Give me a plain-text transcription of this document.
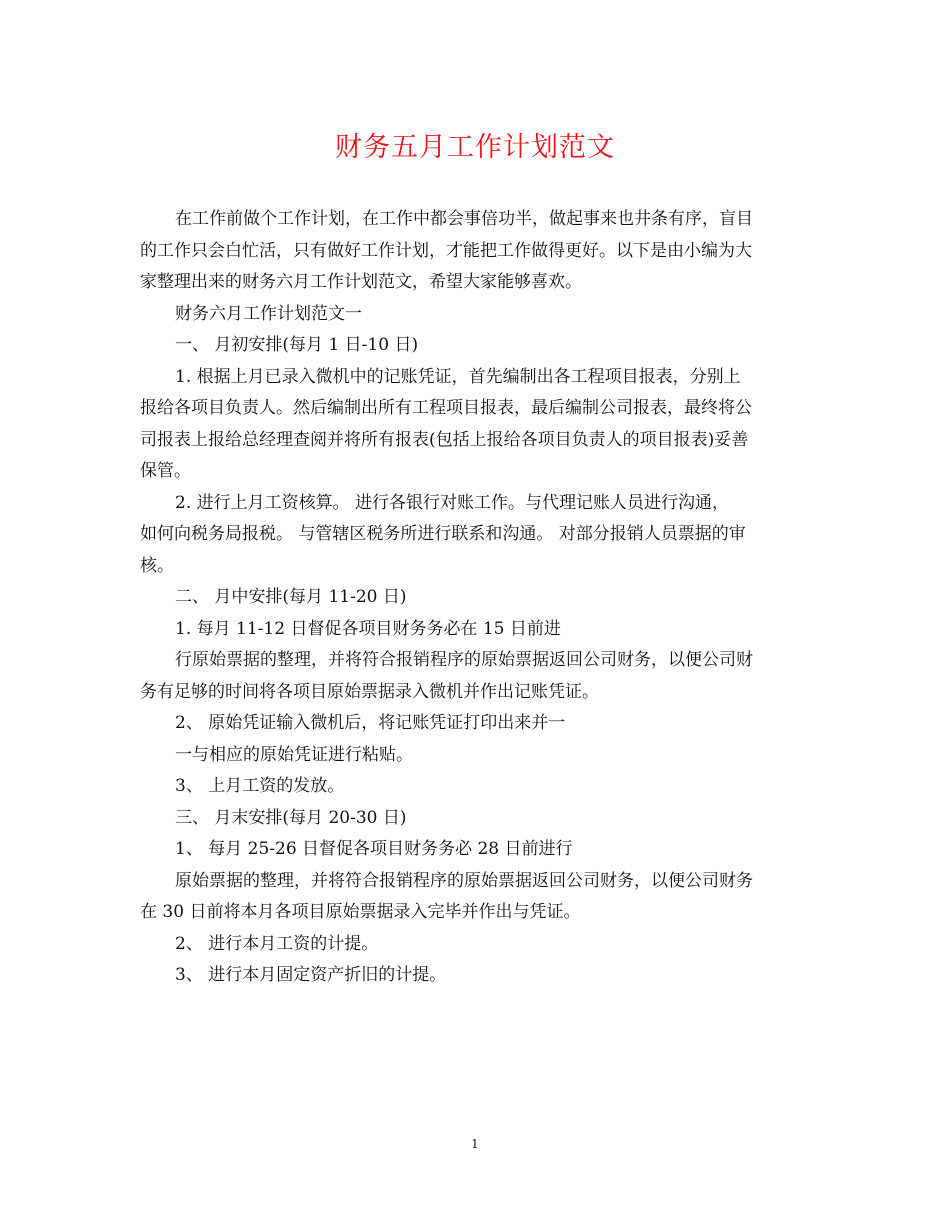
财务五月工作计划范文

在工作前做个工作计划，在工作中都会事倍功半，做起事来也井条有序，盲目
的工作只会白忙活，只有做好工作计划，才能把工作做得更好。以下是由小编为大
家整理出来的财务六月工作计划范文，希望大家能够喜欢。

财务六月工作计划范文一

一、 月初安排(每月 1 日-10 日)

1. 根据上月已录入微机中的记账凭证，首先编制出各工程项目报表，分别上
报给各项目负责人。然后编制出所有工程项目报表，最后编制公司报表，最终将公
司报表上报给总经理查阅并将所有报表(包括上报给各项目负责人的项目报表)妥善
保管。

2. 进行上月工资核算。 进行各银行对账工作。与代理记账人员进行沟通，
如何向税务局报税。 与管辖区税务所进行联系和沟通。 对部分报销人员票据的审
核。

二、 月中安排(每月 11-20 日)

1. 每月 11-12 日督促各项目财务务必在 15 日前进

行原始票据的整理，并将符合报销程序的原始票据返回公司财务，以便公司财
务有足够的时间将各项目原始票据录入微机并作出记账凭证。

2、 原始凭证输入微机后，将记账凭证打印出来并一

一与相应的原始凭证进行粘贴。

3、 上月工资的发放。

三、 月末安排(每月 20-30 日)

1、 每月 25-26 日督促各项目财务务必 28 日前进行

原始票据的整理，并将符合报销程序的原始票据返回公司财务，以便公司财务
在 30 日前将本月各项目原始票据录入完毕并作出与凭证。

2、 进行本月工资的计提。

3、 进行本月固定资产折旧的计提。

1
